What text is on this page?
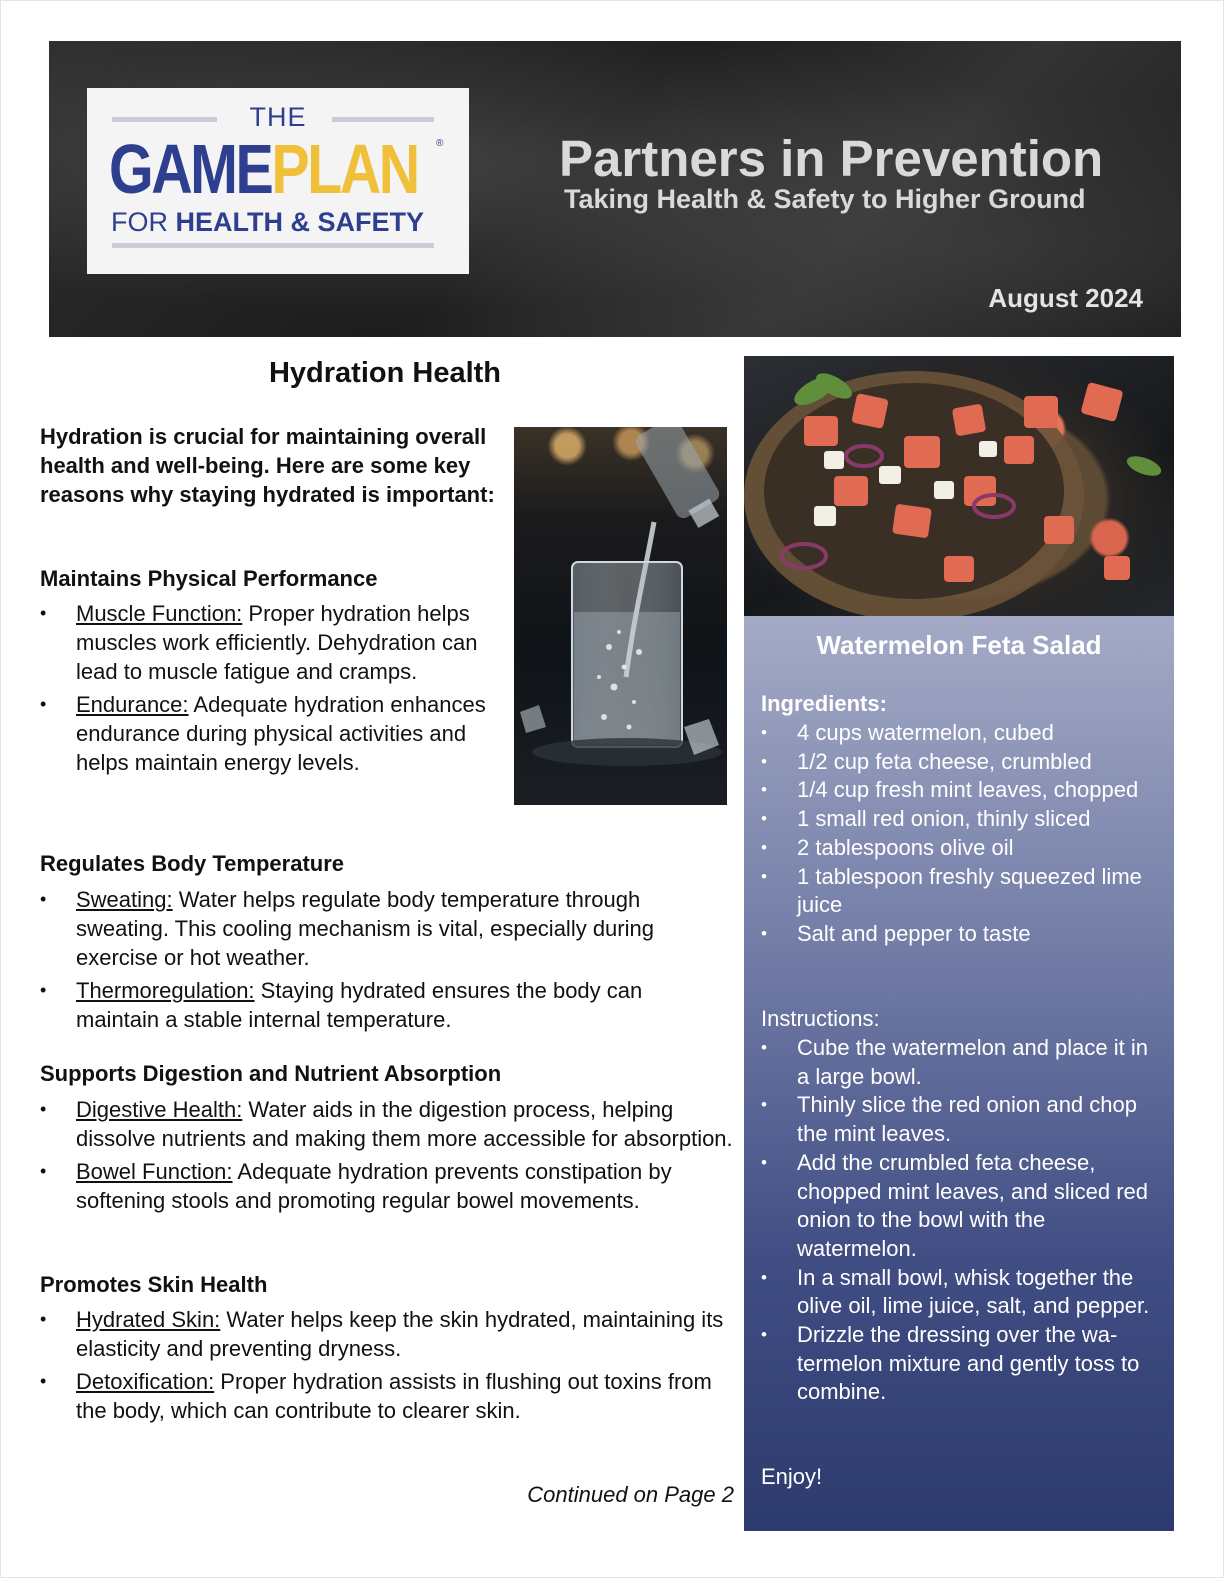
THE
GAMEPLAN ®
FOR HEALTH & SAFETY
Partners in Prevention
Taking Health & Safety to Higher Ground
August 2024
Hydration Health
Hydration is crucial for maintaining overall health and well-being. Here are some key reasons why staying hydrated is important:
Maintains Physical Performance
• Muscle Function: Proper hydration helps muscles work efficiently. Dehydration can lead to muscle fatigue and cramps.
• Endurance: Adequate hydration enhances endurance during physical activities and helps maintain energy levels.
Regulates Body Temperature
• Sweating: Water helps regulate body temperature through sweating. This cooling mechanism is vital, especially during exercise or hot weather.
• Thermoregulation: Staying hydrated ensures the body can maintain a stable internal temperature.
Supports Digestion and Nutrient Absorption
• Digestive Health: Water aids in the digestion process, helping dissolve nutrients and making them more accessible for absorption.
• Bowel Function: Adequate hydration prevents constipation by softening stools and promoting regular bowel movements.
Promotes Skin Health
• Hydrated Skin: Water helps keep the skin hydrated, maintaining its elasticity and preventing dryness.
• Detoxification: Proper hydration assists in flushing out toxins from the body, which can contribute to clearer skin.
Continued on Page 2
Watermelon Feta Salad
Ingredients:
• 4 cups watermelon, cubed
• 1/2 cup feta cheese, crumbled
• 1/4 cup fresh mint leaves, chopped
• 1 small red onion, thinly sliced
• 2 tablespoons olive oil
• 1 tablespoon freshly squeezed lime juice
• Salt and pepper to taste
Instructions:
• Cube the watermelon and place it in a large bowl.
• Thinly slice the red onion and chop the mint leaves.
• Add the crumbled feta cheese, chopped mint leaves, and sliced red onion to the bowl with the watermelon.
• In a small bowl, whisk together the olive oil, lime juice, salt, and pepper.
• Drizzle the dressing over the wa-termelon mixture and gently toss to combine.
Enjoy!
